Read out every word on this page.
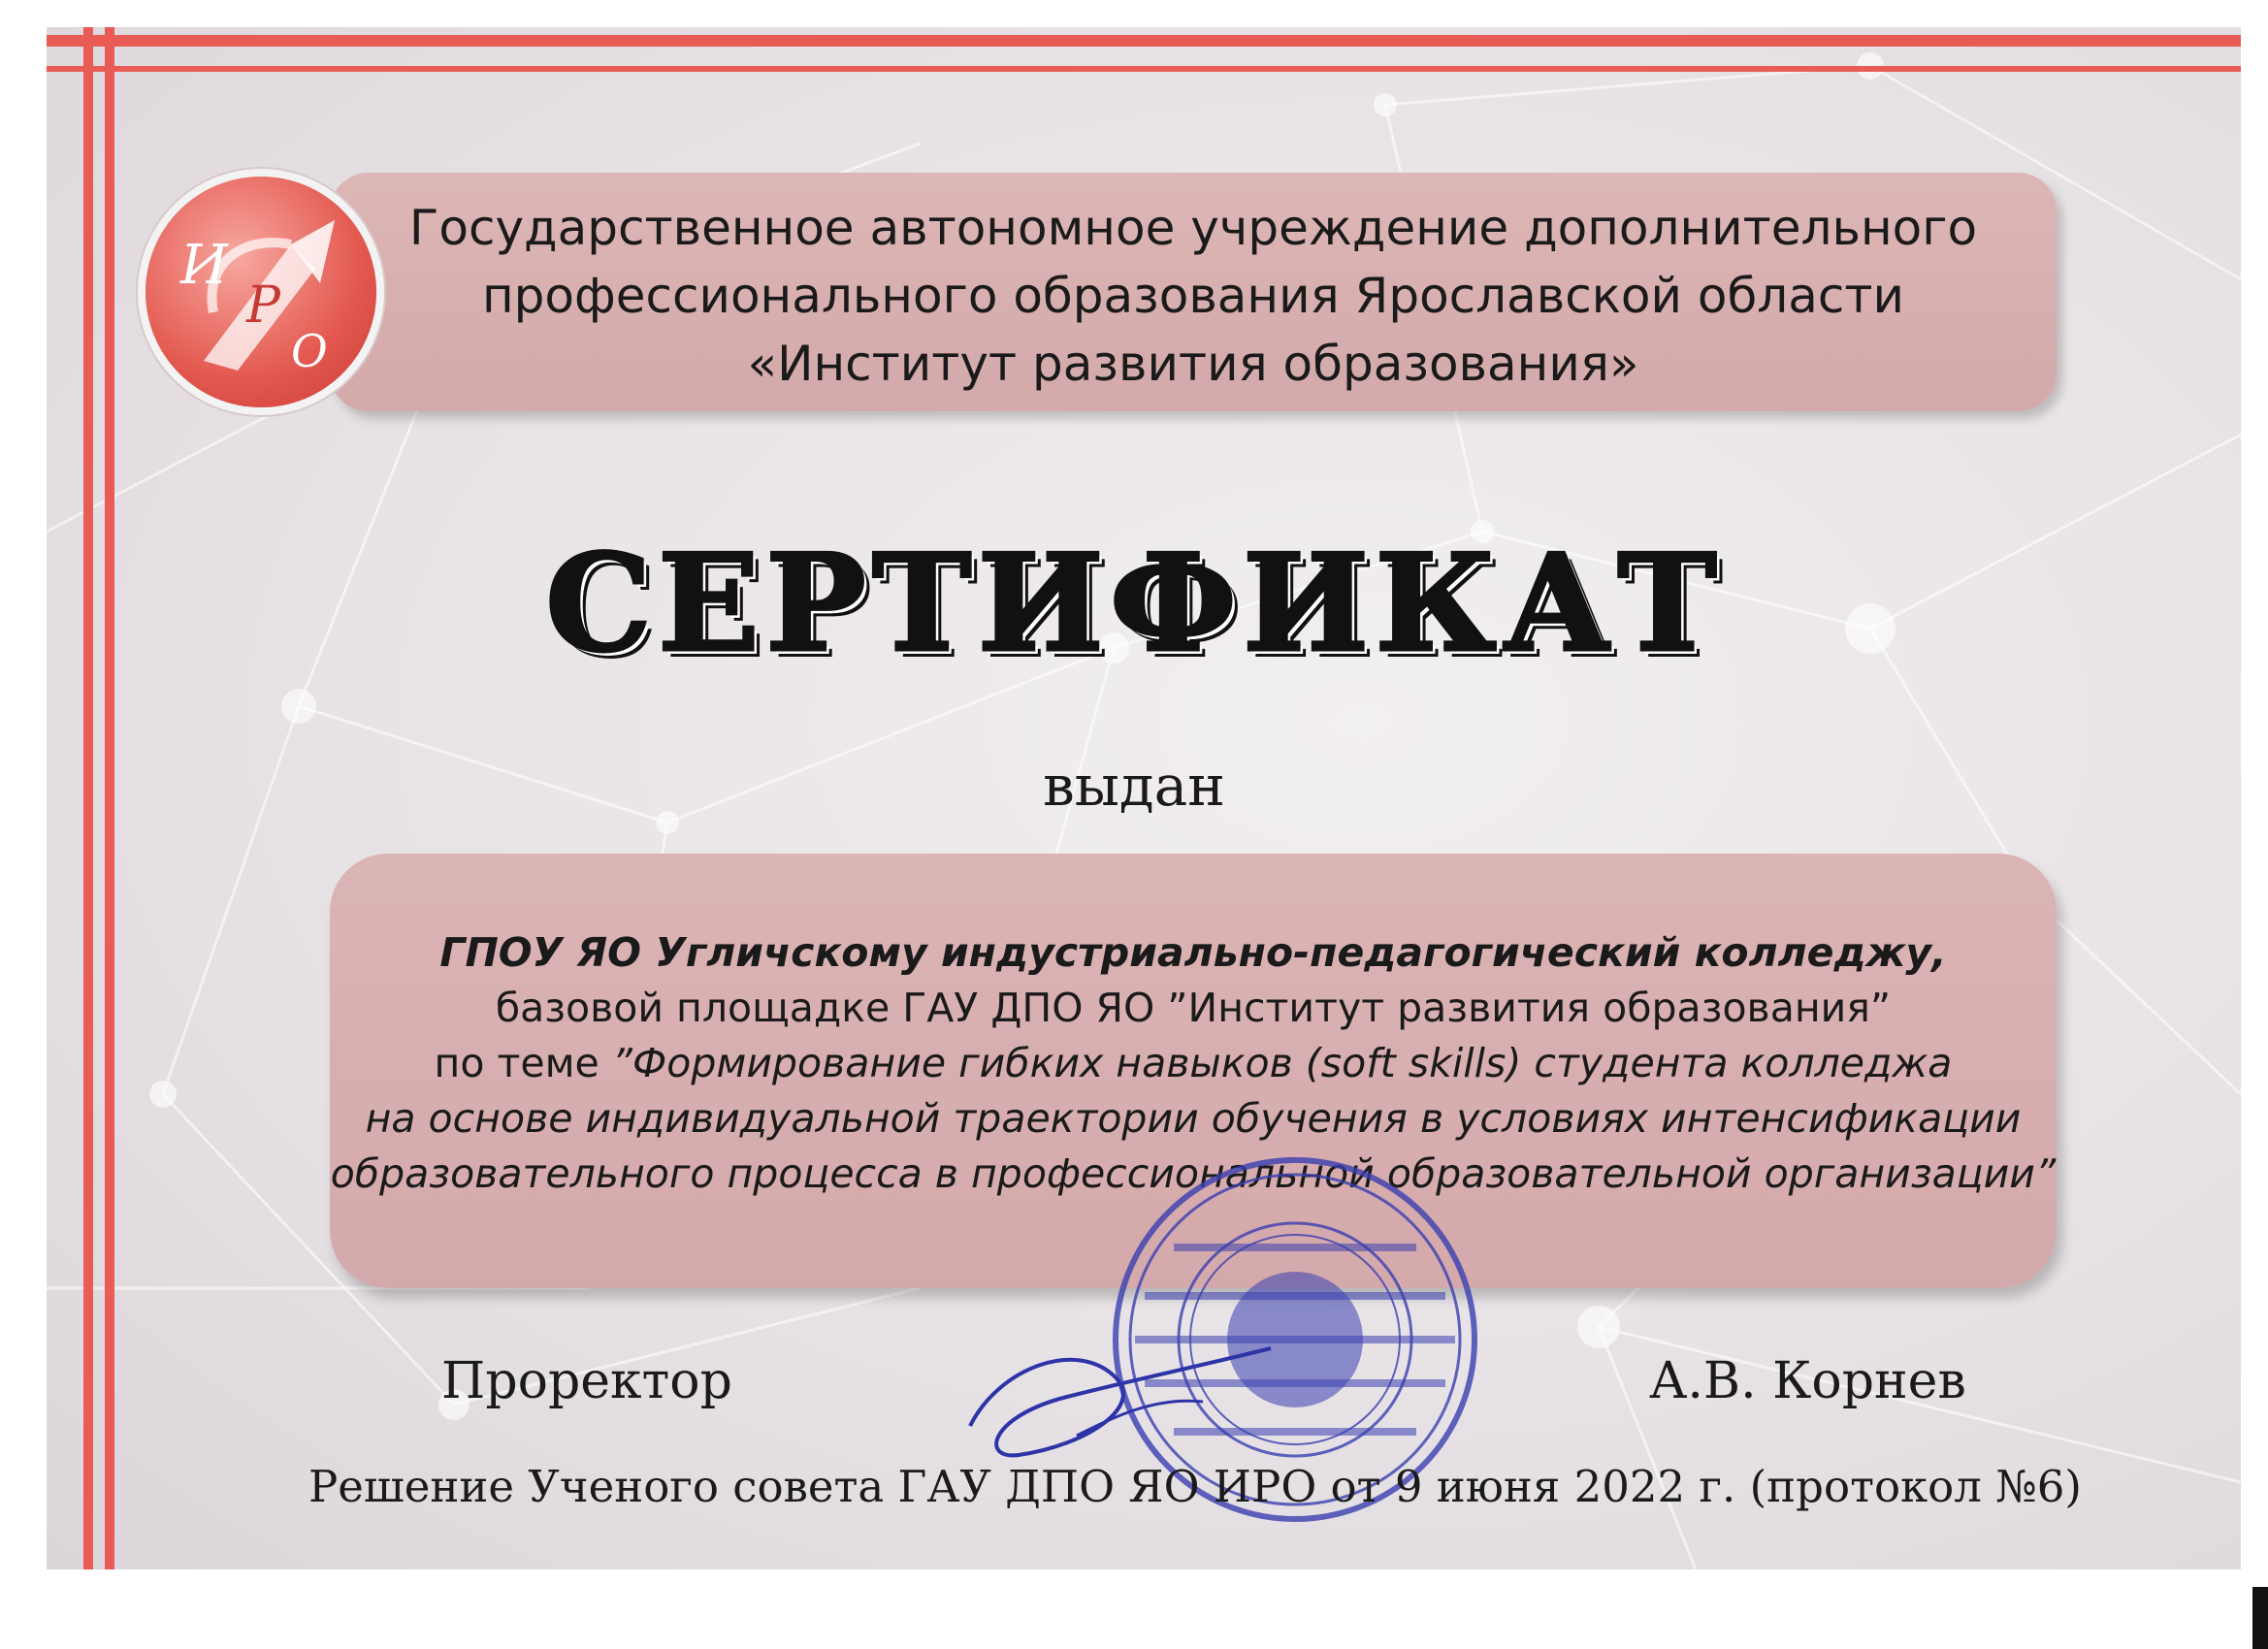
И
Р
О
Государственное автономное учреждение дополнительного
профессионального образования Ярославской области
«Институт развития образования»
СЕРТИФИКАТ
выдан
ГПОУ ЯО Угличскому индустриально-педагогический колледжу,
базовой площадке ГАУ ДПО ЯО ”Институт развития образования”
по теме ”Формирование гибких навыков (soft skills) студента колледжа
на основе индивидуальной траектории обучения в условиях интенсификации
образовательного процесса в профессиональной образовательной организации”
Проректор	А.В. Корнев
Решение Ученого совета ГАУ ДПО ЯО ИРО от 9 июня 2022 г. (протокол №6)
